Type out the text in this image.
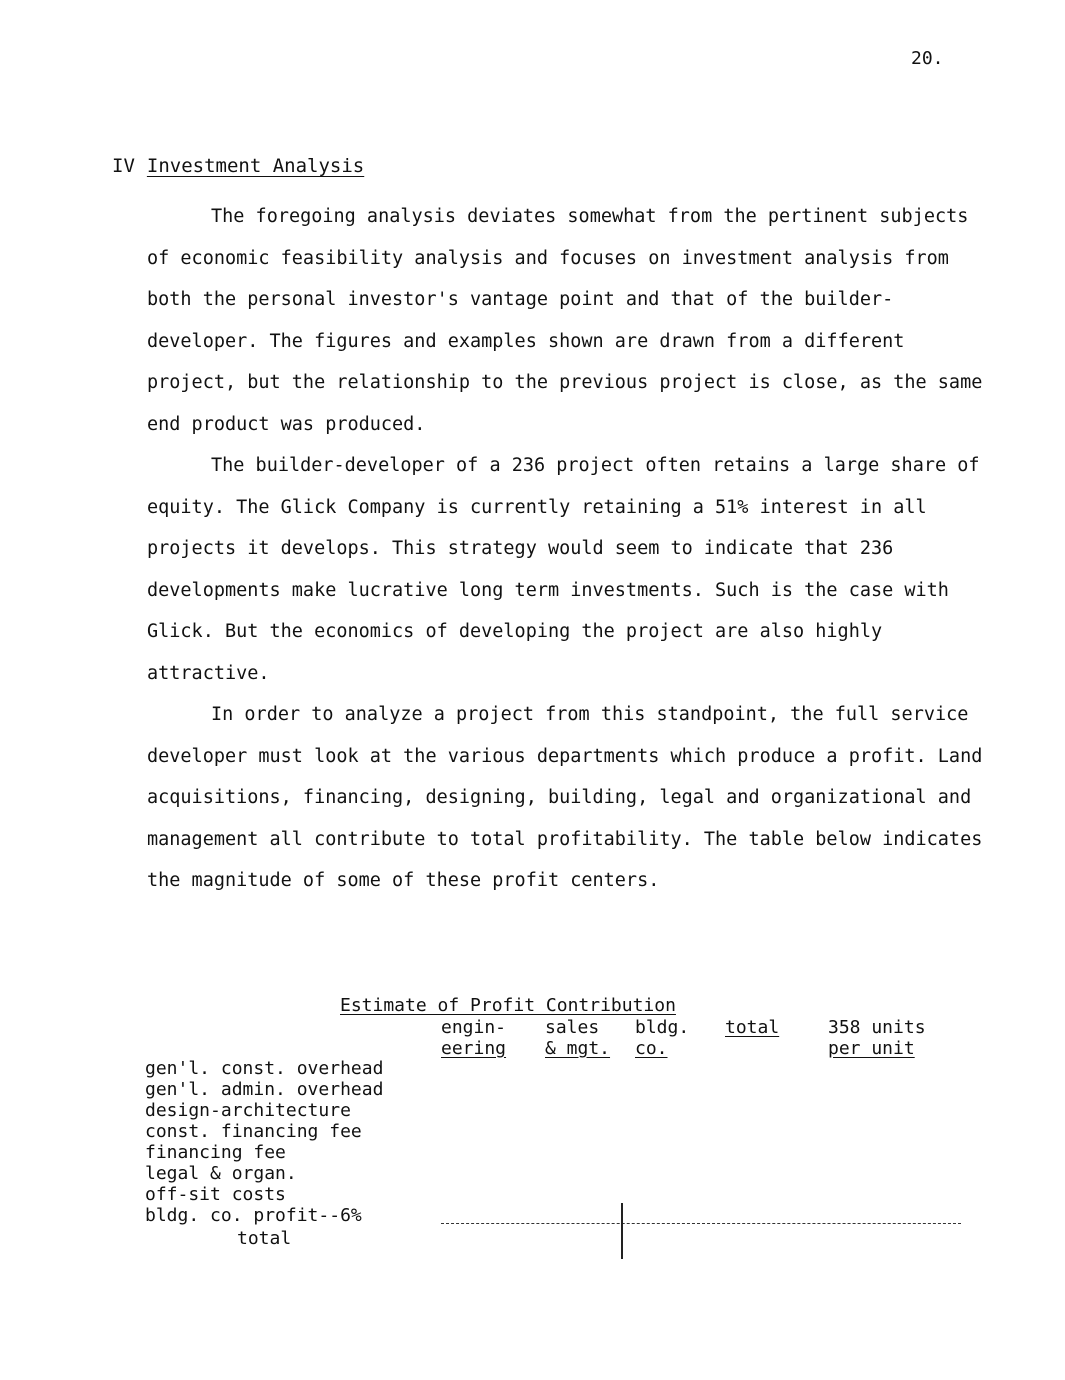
20.
IV Investment Analysis

The foregoing analysis deviates somewhat from the pertinent subjects of economic feasibility analysis and focuses on investment analysis from both the personal investor's vantage point and that of the builder-developer. The figures and examples shown are drawn from a different project, but the relationship to the previous project is close, as the same end product was produced.

The builder-developer of a 236 project often retains a large share of equity. The Glick Company is currently retaining a 51% interest in all projects it develops. This strategy would seem to indicate that 236 developments make lucrative long term investments. Such is the case with Glick. But the economics of developing the project are also highly attractive.

In order to analyze a project from this standpoint, the full service developer must look at the various departments which produce a profit. Land acquisitions, financing, designing, building, legal and organizational and management all contribute to total profitability. The table below indicates the magnitude of some of these profit centers.

Estimate of Profit Contribution
engin-
eering
sales
& mgt.
bldg.
co.
total	358 units
per unit
gen'l. const. overhead
gen'l. admin. overhead
design-architecture
const. financing fee
financing fee
legal & organ.
off-sit costs
bldg. co. profit--6%
total
